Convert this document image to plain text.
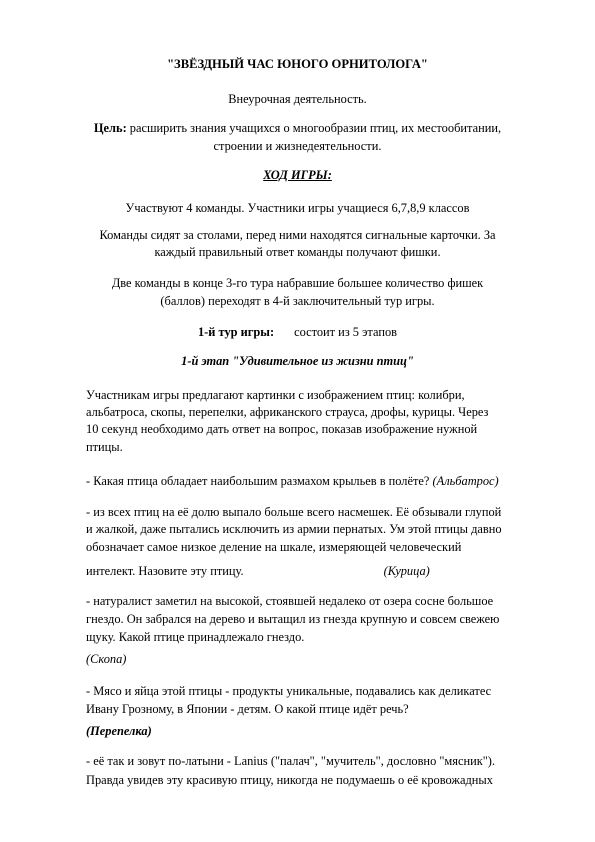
"ЗВЁЗДНЫЙ ЧАС ЮНОГО ОРНИТОЛОГА"
Внеурочная деятельность.
Цель: расширить знания учащихся о многообразии птиц, их местообитании,
строении и жизнедеятельности.
ХОД ИГРЫ:
Участвуют 4 команды. Участники игры учащиеся 6,7,8,9 классов
Команды сидят за столами, перед ними находятся сигнальные карточки. За
каждый правильный ответ команды получают фишки.
Две команды в конце 3-го тура набравшие большее количество фишек
(баллов) переходят в 4-й заключительный тур игры.
1-й тур игры: состоит из 5 этапов
1-й этап "Удивительное из жизни птиц"
Участникам игры предлагают картинки с изображением птиц: колибри,
альбатроса, скопы, перепелки, африканского страуса, дрофы, курицы. Через
10 секунд необходимо дать ответ на вопрос, показав изображение нужной
птицы.
- Какая птица обладает наибольшим размахом крыльев в полёте? (Альбатрос)
- из всех птиц на её долю выпало больше всего насмешек. Её обзывали глупой
и жалкой, даже пытались исключить из армии пернатых. Ум этой птицы давно
обозначает самое низкое деление на шкале, измеряющей человеческий
интелект. Назовите эту птицу.	(Курица)
- натуралист заметил на высокой, стоявшей недалеко от озера сосне большое
гнездо. Он забрался на дерево и вытащил из гнезда крупную и совсем свежею
щуку. Какой птице принадлежало гнездо.
(Скопа)
- Мясо и яйца этой птицы - продукты уникальные, подавались как деликатес
Ивану Грозному, в Японии - детям. О какой птице идёт речь?
(Перепелка)
- её так и зовут по-латыни - Lanius ("палач", "мучитель", дословно "мясник").
Правда увидев эту красивую птицу, никогда не подумаешь о её кровожадных
